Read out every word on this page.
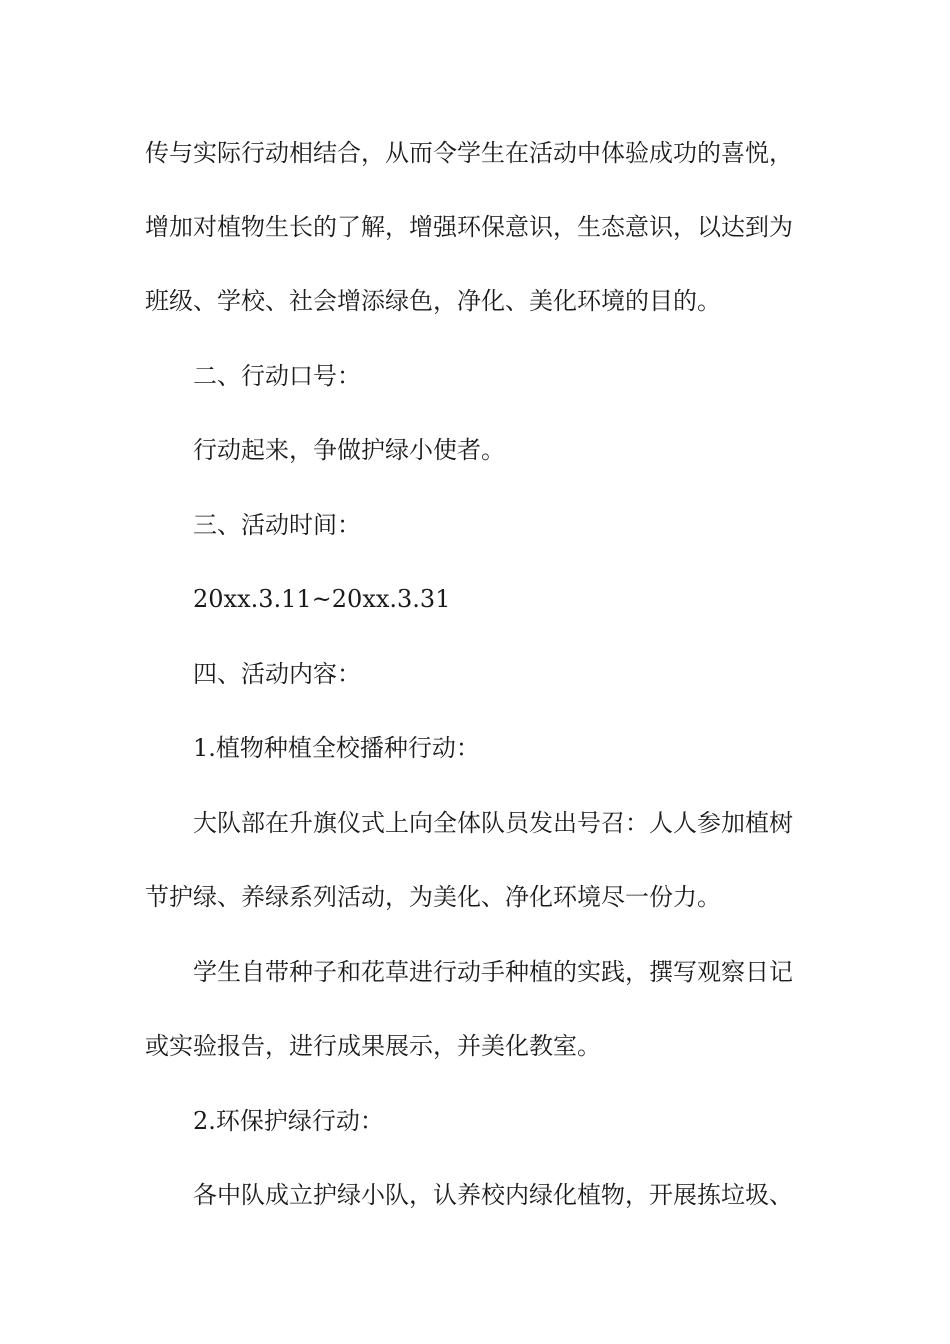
传与实际行动相结合，从而令学生在活动中体验成功的喜悦，

增加对植物生长的了解，增强环保意识，生态意识，以达到为

班级、学校、社会增添绿色，净化、美化环境的目的。

二、行动口号：

行动起来，争做护绿小使者。

三、活动时间：

20xx.3.11~20xx.3.31

四、活动内容：

1.植物种植全校播种行动：

大队部在升旗仪式上向全体队员发出号召：人人参加植树

节护绿、养绿系列活动，为美化、净化环境尽一份力。

学生自带种子和花草进行动手种植的实践，撰写观察日记

或实验报告，进行成果展示，并美化教室。

2.环保护绿行动：

各中队成立护绿小队，认养校内绿化植物，开展拣垃圾、
